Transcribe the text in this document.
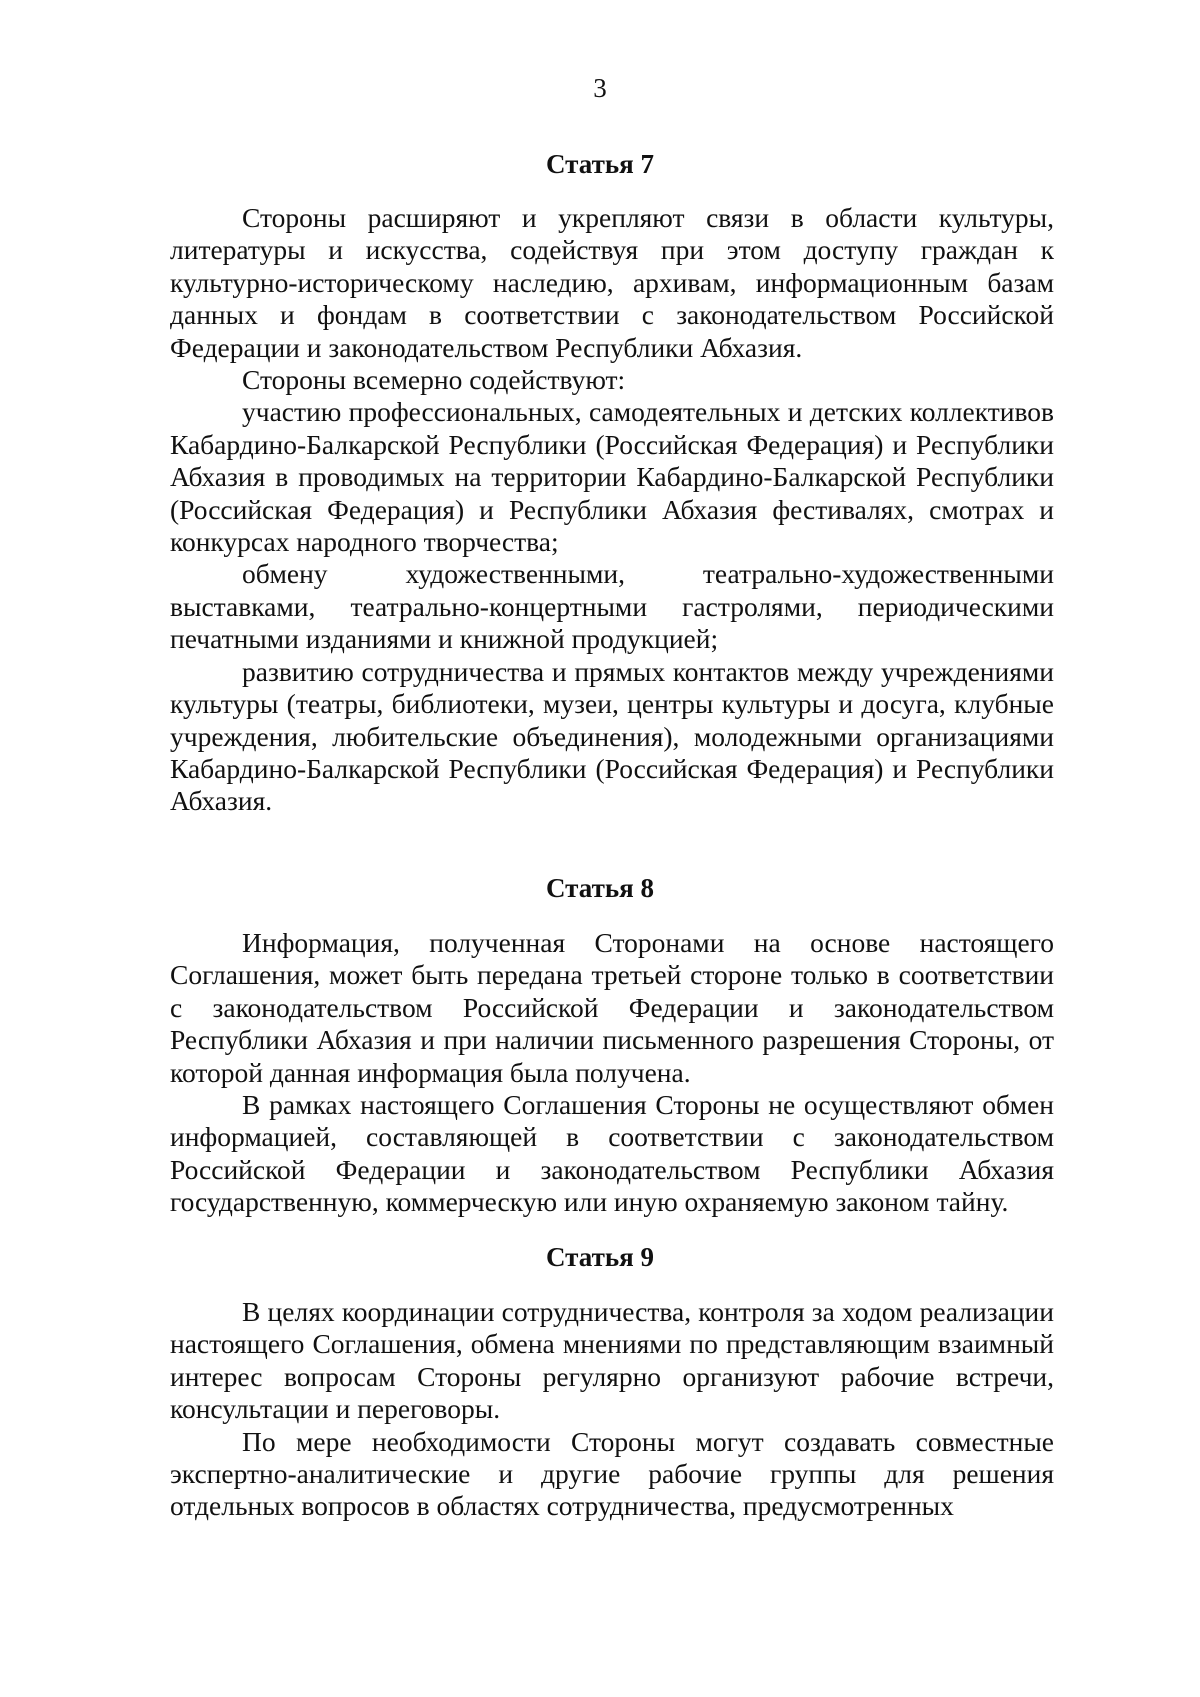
3
Статья 7

Стороны расширяют и укрепляют связи в области культуры, литературы и искусства, содействуя при этом доступу граждан к культурно-историческому наследию, архивам, информационным базам данных и фондам в соответствии с законодательством Российской Федерации и законодательством Республики Абхазия.

Стороны всемерно содействуют:

участию профессиональных, самодеятельных и детских коллективов Кабардино-Балкарской Республики (Российская Федерация) и Республики Абхазия в проводимых на территории Кабардино-Балкарской Республики (Российская Федерация) и Республики Абхазия фестивалях, смотрах и конкурсах народного творчества;

обмену художественными, театрально-художественными выставками, театрально-концертными гастролями, периодическими печатными изданиями и книжной продукцией;

развитию сотрудничества и прямых контактов между учреждениями культуры (театры, библиотеки, музеи, центры культуры и досуга, клубные учреждения, любительские объединения), молодежными организациями Кабардино-Балкарской Республики (Российская Федерация) и Республики Абхазия.

Статья 8

Информация, полученная Сторонами на основе настоящего Соглашения, может быть передана третьей стороне только в соответствии с законодательством Российской Федерации и законодательством Республики Абхазия и при наличии письменного разрешения Стороны, от которой данная информация была получена.

В рамках настоящего Соглашения Стороны не осуществляют обмен информацией, составляющей в соответствии с законодательством Российской Федерации и законодательством Республики Абхазия государственную, коммерческую или иную охраняемую законом тайну.

Статья 9

В целях координации сотрудничества, контроля за ходом реализации настоящего Соглашения, обмена мнениями по представляющим взаимный интерес вопросам Стороны регулярно организуют рабочие встречи, консультации и переговоры.

По мере необходимости Стороны могут создавать совместные экспертно-аналитические и другие рабочие группы для решения отдельных вопросов в областях сотрудничества, предусмотренных
